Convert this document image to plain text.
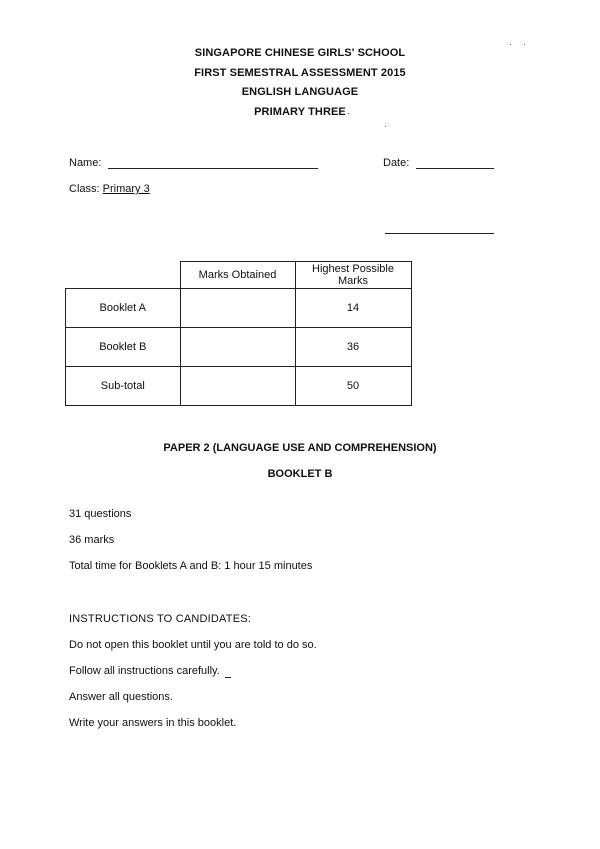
SINGAPORE CHINESE GIRLS' SCHOOL
FIRST SEMESTRAL ASSESSMENT 2015
ENGLISH LANGUAGE
PRIMARY THREE
Name:	Date:
Class: Primary 3
	Marks Obtained	Highest Possible
Marks

Booklet A		14
Booklet B		36
Sub-total		50
PAPER 2 (LANGUAGE USE AND COMPREHENSION)
BOOKLET B
31 questions
36 marks
Total time for Booklets A and B: 1 hour 15 minutes
INSTRUCTIONS TO CANDIDATES:
Do not open this booklet until you are told to do so.
Follow all instructions carefully.
Answer all questions.
Write your answers in this booklet.
